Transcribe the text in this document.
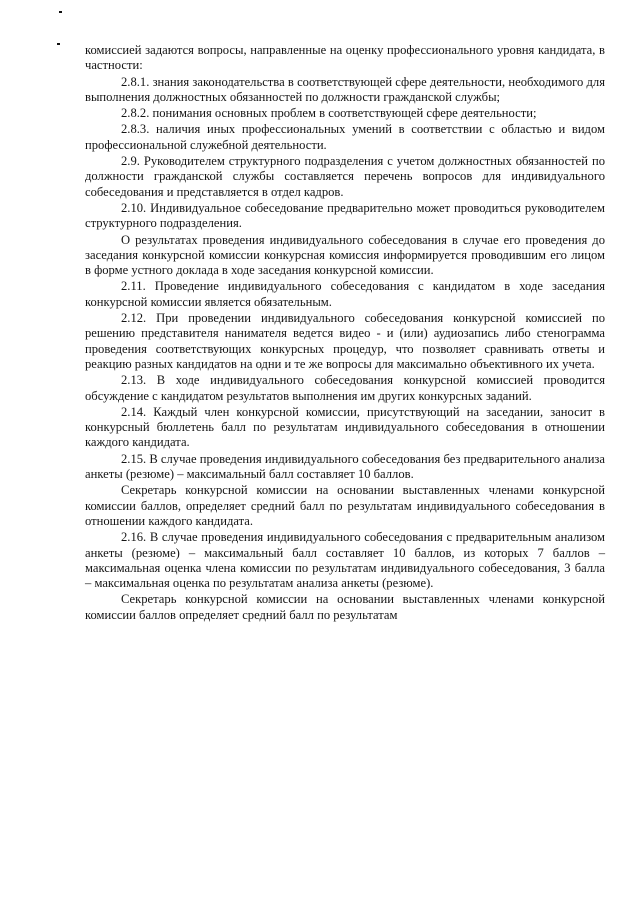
комиссией задаются вопросы, направленные на оценку профессионального уровня кандидата, в частности:

2.8.1. знания законодательства в соответствующей сфере деятельности, необходимого для выполнения должностных обязанностей по должности гражданской службы;

2.8.2. понимания основных проблем в соответствующей сфере деятельности;

2.8.3. наличия иных профессиональных умений в соответствии с областью и видом профессиональной служебной деятельности.

2.9. Руководителем структурного подразделения с учетом должностных обязанностей по должности гражданской службы составляется перечень вопросов для индивидуального собеседования и представляется в отдел кадров.

2.10. Индивидуальное собеседование предварительно может проводиться руководителем структурного подразделения.

О результатах проведения индивидуального собеседования в случае его проведения до заседания конкурсной комиссии конкурсная комиссия информируется проводившим его лицом в форме устного доклада в ходе заседания конкурсной комиссии.

2.11. Проведение индивидуального собеседования с кандидатом в ходе заседания конкурсной комиссии является обязательным.

2.12. При проведении индивидуального собеседования конкурсной комиссией по решению представителя нанимателя ведется видео - и (или) аудиозапись либо стенограмма проведения соответствующих конкурсных процедур, что позволяет сравнивать ответы и реакцию разных кандидатов на одни и те же вопросы для максимально объективного их учета.

2.13. В ходе индивидуального собеседования конкурсной комиссией проводится обсуждение с кандидатом результатов выполнения им других конкурсных заданий.

2.14. Каждый член конкурсной комиссии, присутствующий на заседании, заносит в конкурсный бюллетень балл по результатам индивидуального собеседования в отношении каждого кандидата.

2.15. В случае проведения индивидуального собеседования без предварительного анализа анкеты (резюме) – максимальный балл составляет 10 баллов.

Секретарь конкурсной комиссии на основании выставленных членами конкурсной комиссии баллов, определяет средний балл по результатам индивидуального собеседования в отношении каждого кандидата.

2.16. В случае проведения индивидуального собеседования с предварительным анализом анкеты (резюме) – максимальный балл составляет 10 баллов, из которых 7 баллов – максимальная оценка члена комиссии по результатам индивидуального собеседования, 3 балла – максимальная оценка по результатам анализа анкеты (резюме).

Секретарь конкурсной комиссии на основании выставленных членами конкурсной комиссии баллов определяет средний балл по результатам
